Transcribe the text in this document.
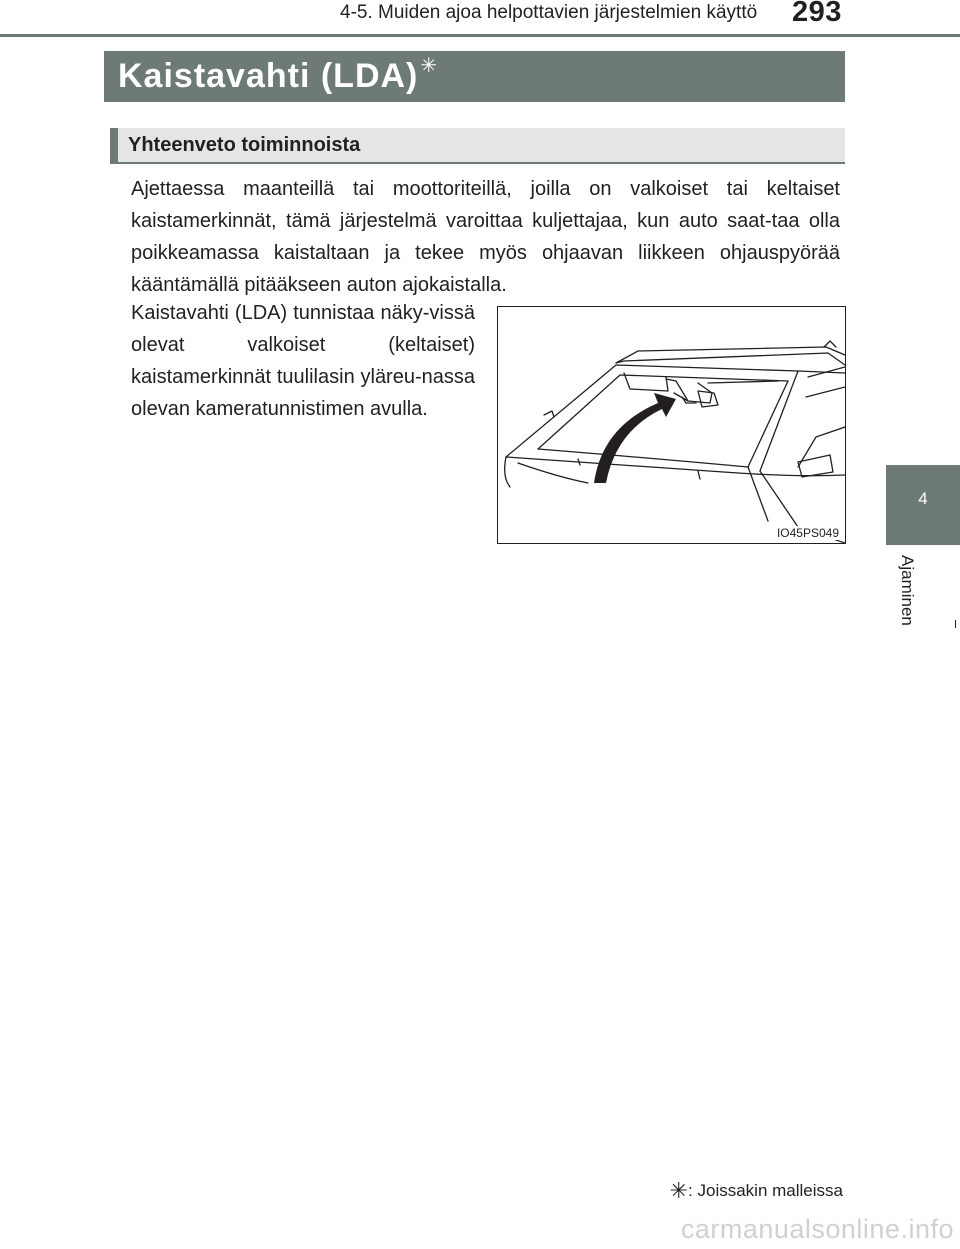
4-5. Muiden ajoa helpottavien järjestelmien käyttö 293
4
Ajaminen
Kaistavahti (LDA) ✳
Yhteenveto toiminnoista

Ajettaessa maanteillä tai moottoriteillä, joilla on valkoiset tai keltaiset kaistamerkinnät, tämä järjestelmä varoittaa kuljettajaa, kun auto saat-taa olla poikkeamassa kaistaltaan ja tekee myös ohjaavan liikkeen ohjauspyörää kääntämällä pitääkseen auton ajokaistalla.

Kaistavahti (LDA) tunnistaa näky-vissä olevat valkoiset (keltaiset) kaistamerkinnät tuulilasin yläreu-nassa olevan kameratunnistimen avulla.

IO45PS049
✳: Joissakin malleissa
carmanualsonline.info
